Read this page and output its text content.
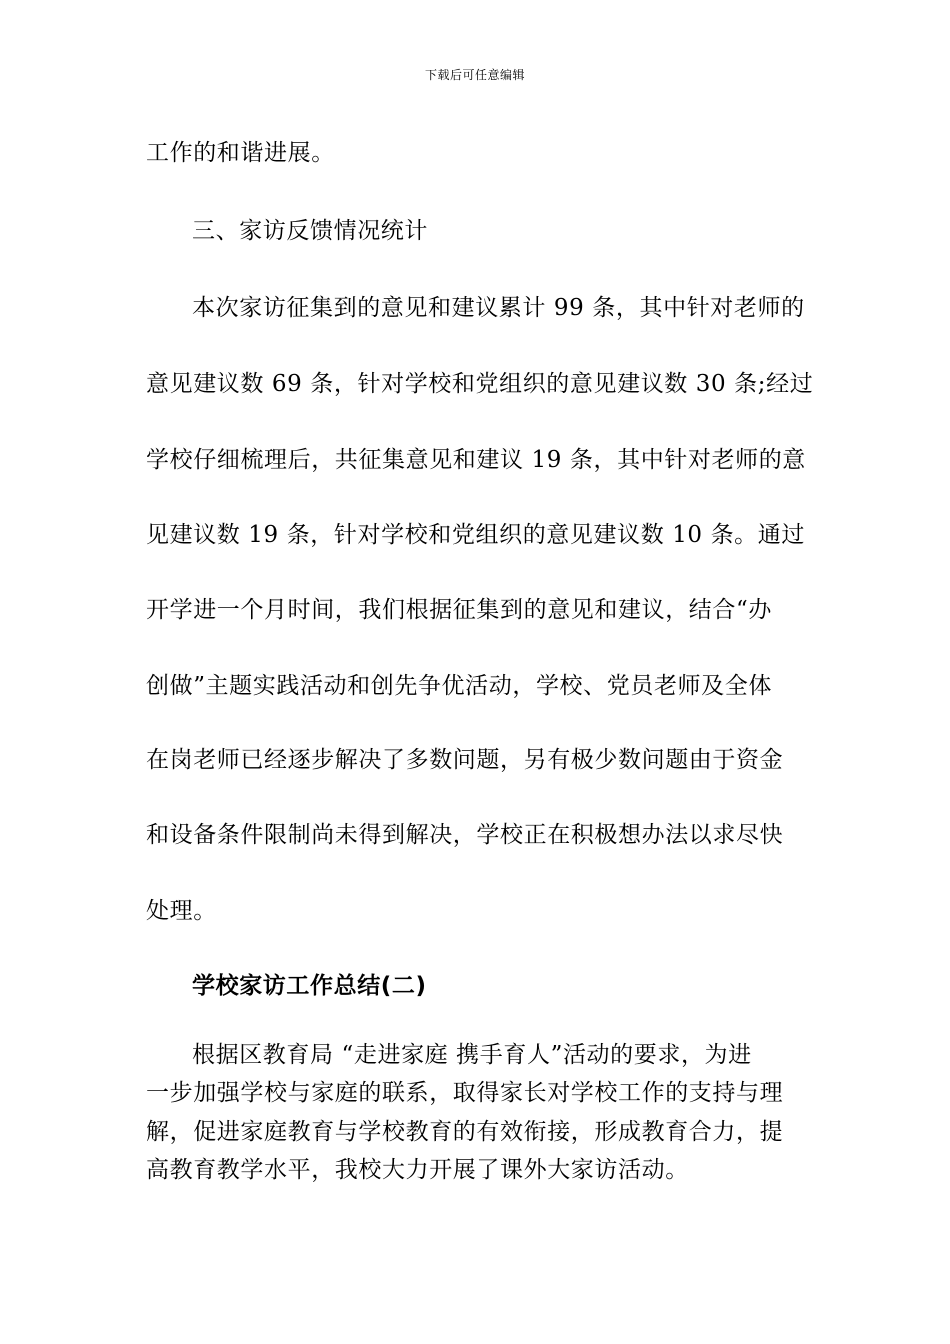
下载后可任意编辑
工作的和谐进展。
三、家访反馈情况统计
本次家访征集到的意见和建议累计 99 条，其中针对老师的
意见建议数 69 条，针对学校和党组织的意见建议数 30 条;经过
学校仔细梳理后，共征集意见和建议 19 条，其中针对老师的意
见建议数 19 条，针对学校和党组织的意见建议数 10 条。通过
开学进一个月时间，我们根据征集到的意见和建议，结合“办
创做”主题实践活动和创先争优活动，学校、党员老师及全体
在岗老师已经逐步解决了多数问题，另有极少数问题由于资金
和设备条件限制尚未得到解决，学校正在积极想办法以求尽快
处理。
学校家访工作总结(二)
根据区教育局 “走进家庭 携手育人”活动的要求，为进
一步加强学校与家庭的联系，取得家长对学校工作的支持与理
解，促进家庭教育与学校教育的有效衔接，形成教育合力，提
高教育教学水平，我校大力开展了课外大家访活动。
